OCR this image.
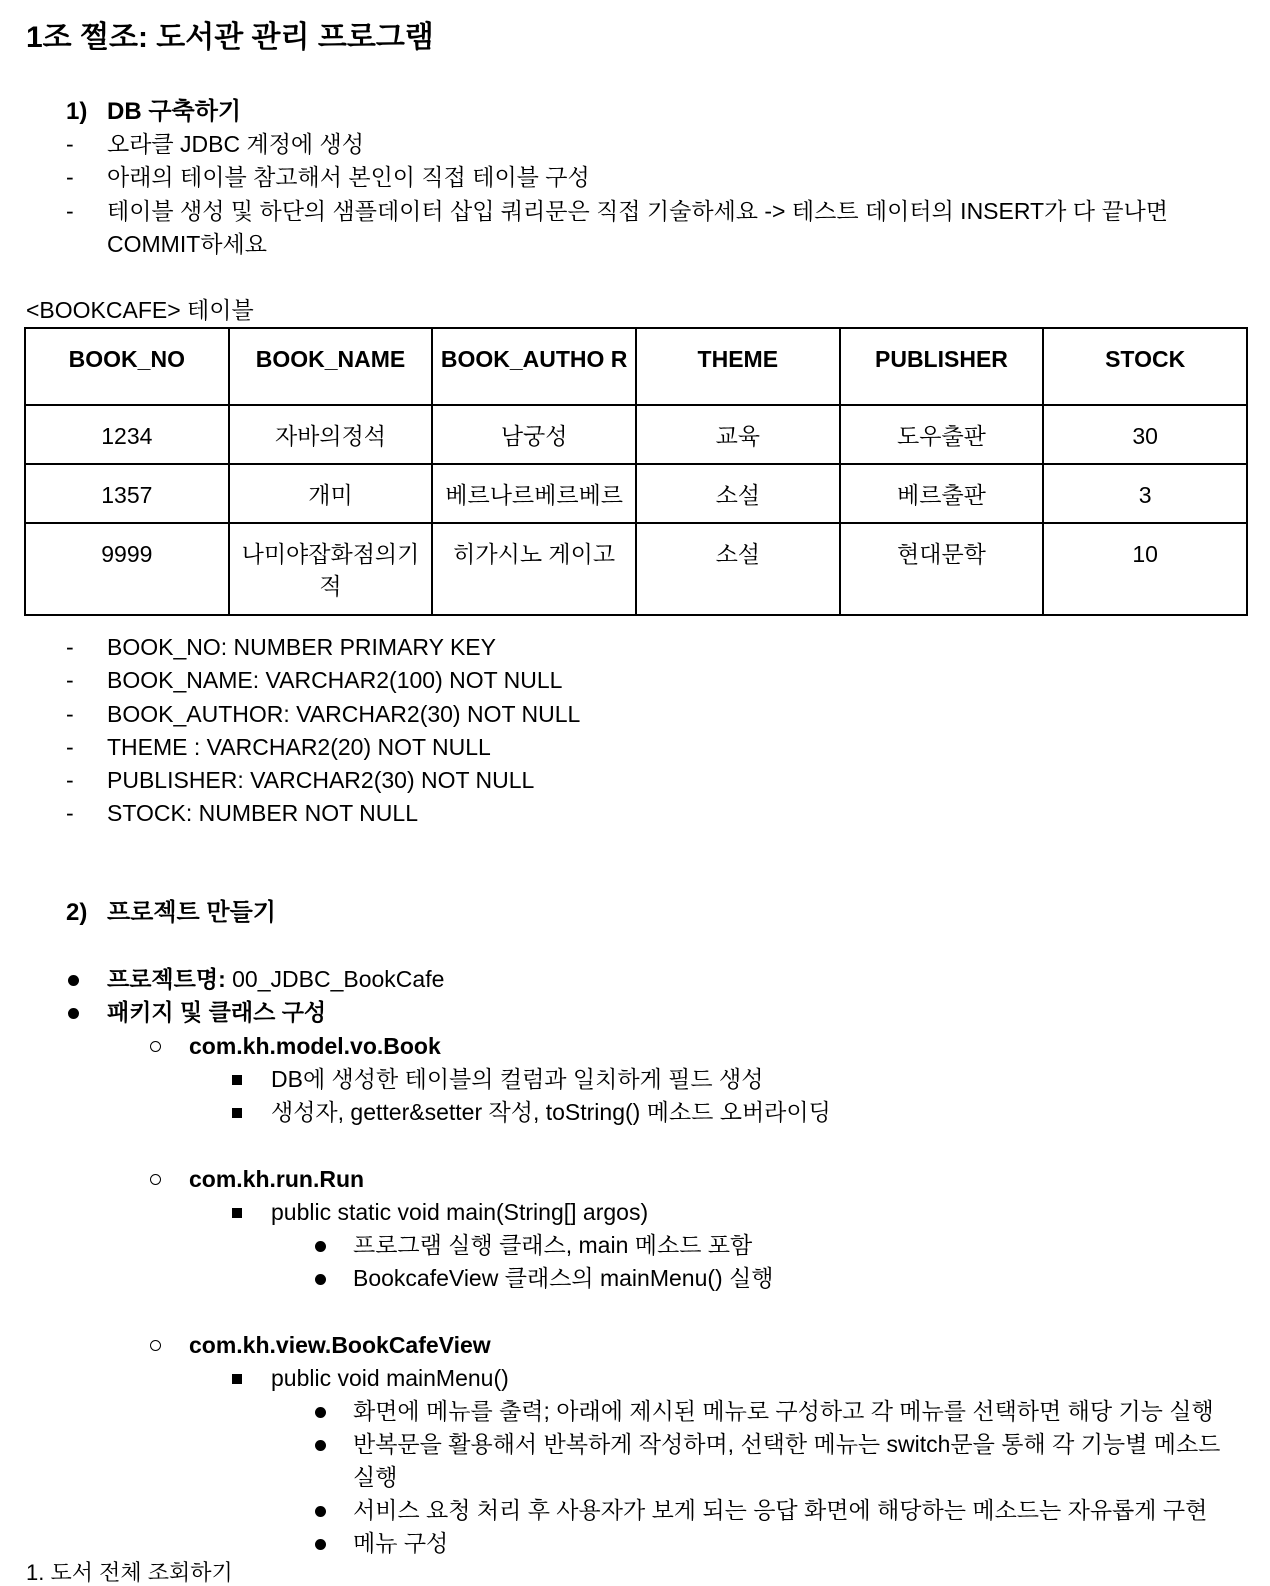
1조 쩔조: 도서관 관리 프로그램
1) DB 구축하기
- 오라클 JDBC 계정에 생성
- 아래의 테이블 참고해서 본인이 직접 테이블 구성
- 테이블 생성 및 하단의 샘플데이터 삽입 쿼리문은 직접 기술하세요 -> 테스트 데이터의 INSERT가 다 끝나면
COMMIT하세요
<BOOKCAFE> 테이블
BOOK_NO	BOOK_NAME	BOOK_AUTHO R	THEME	PUBLISHER	STOCK
1234	자바의정석	남궁성	교육	도우출판	30
1357	개미	베르나르베르베르	소설	베르출판	3
9999	나미야잡화점의기 적	히가시노 게이고	소설	현대문학	10
- BOOK_NO: NUMBER PRIMARY KEY
- BOOK_NAME: VARCHAR2(100) NOT NULL
- BOOK_AUTHOR: VARCHAR2(30) NOT NULL
- THEME : VARCHAR2(20) NOT NULL
- PUBLISHER: VARCHAR2(30) NOT NULL
- STOCK: NUMBER NOT NULL
2) 프로젝트 만들기
프로젝트명: 00_JDBC_BookCafe
패키지 및 클래스 구성
com.kh.model.vo.Book
DB에 생성한 테이블의 컬럼과 일치하게 필드 생성
생성자, getter&setter 작성, toString() 메소드 오버라이딩
com.kh.run.Run
public static void main(String[] argos)
프로그램 실행 클래스, main 메소드 포함
BookcafeView 클래스의 mainMenu() 실행
com.kh.view.BookCafeView
public void mainMenu()
화면에 메뉴를 출력; 아래에 제시된 메뉴로 구성하고 각 메뉴를 선택하면 해당 기능 실행
반복문을 활용해서 반복하게 작성하며, 선택한 메뉴는 switch문을 통해 각 기능별 메소드
실행
서비스 요청 처리 후 사용자가 보게 되는 응답 화면에 해당하는 메소드는 자유롭게 구현
메뉴 구성
1. 도서 전체 조회하기
